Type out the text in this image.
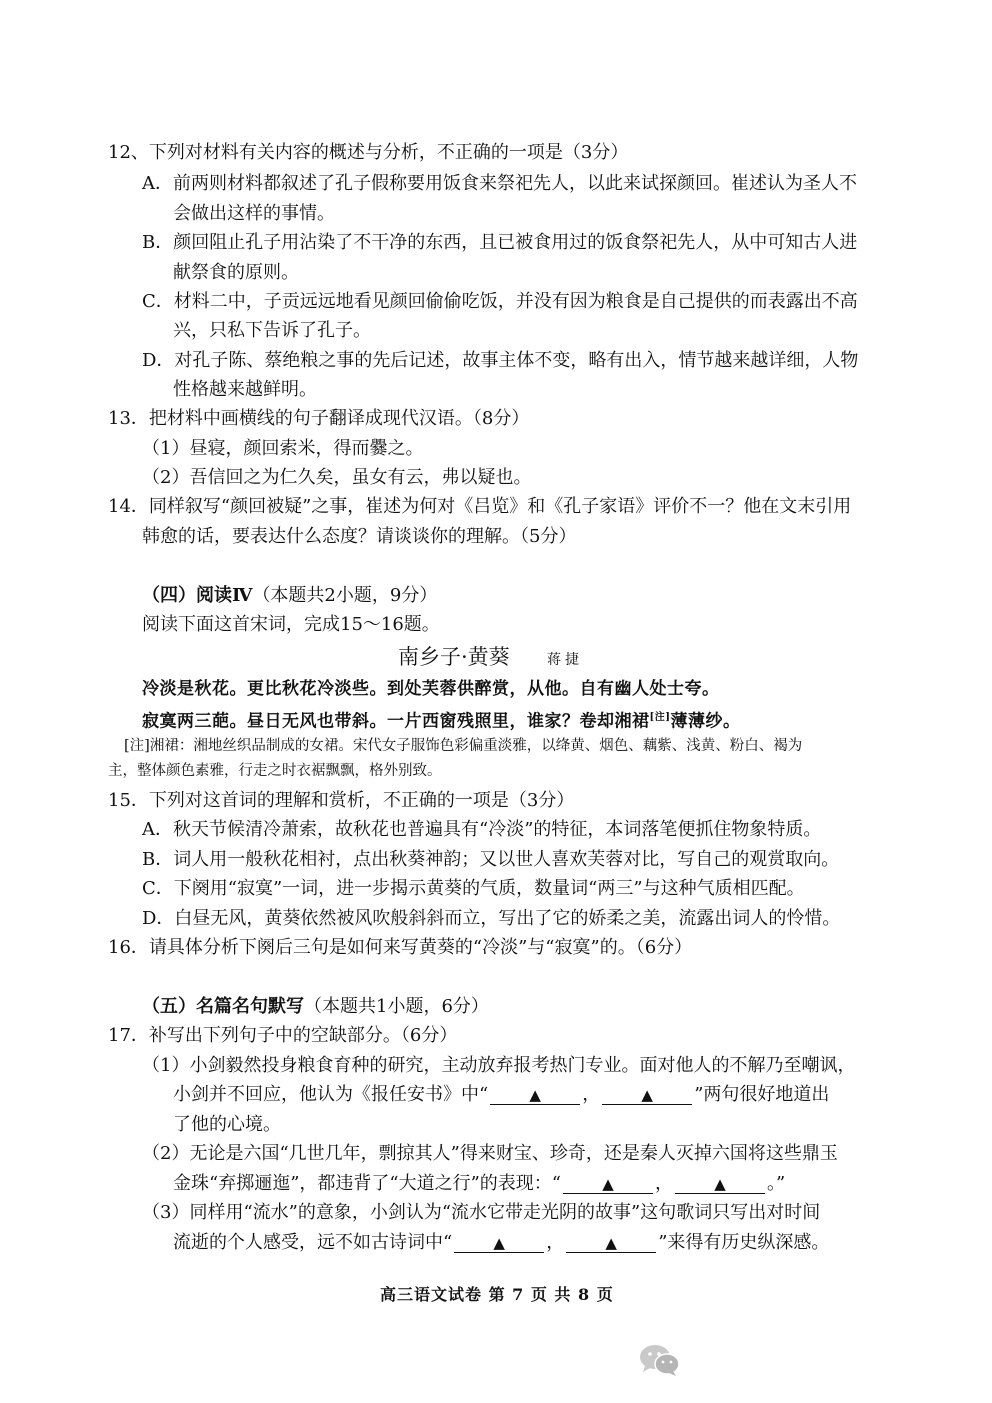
12、下列对材料有关内容的概述与分析，不正确的一项是（3分）
A．前两则材料都叙述了孔子假称要用饭食来祭祀先人，以此来试探颜回。崔述认为圣人不
会做出这样的事情。
B．颜回阻止孔子用沾染了不干净的东西，且已被食用过的饭食祭祀先人，从中可知古人进
献祭食的原则。
C．材料二中，子贡远远地看见颜回偷偷吃饭，并没有因为粮食是自己提供的而表露出不高
兴，只私下告诉了孔子。
D．对孔子陈、蔡绝粮之事的先后记述，故事主体不变，略有出入，情节越来越详细，人物
性格越来越鲜明。
13．把材料中画横线的句子翻译成现代汉语。（8分）
（1）昼寝，颜回索米，得而爨之。
（2）吾信回之为仁久矣，虽女有云，弗以疑也。
14．同样叙写“颜回被疑”之事，崔述为何对《吕览》和《孔子家语》评价不一？他在文末引用
韩愈的话，要表达什么态度？请谈谈你的理解。（5分）
（四）阅读Ⅳ（本题共2小题，9分）
阅读下面这首宋词，完成15～16题。
南乡子·黄葵	蒋捷
冷淡是秋花。更比秋花冷淡些。到处芙蓉供醉赏，从他。自有幽人处士夸。
寂寞两三葩。昼日无风也带斜。一片西窗残照里，谁家？卷却湘裙[注]薄薄纱。
[注]湘裙：湘地丝织品制成的女裙。宋代女子服饰色彩偏重淡雅，以绛黄、烟色、藕紫、浅黄、粉白、褐为
主，整体颜色素雅，行走之时衣裾飘飘，格外别致。
15．下列对这首词的理解和赏析，不正确的一项是（3分）
A．秋天节候清冷萧索，故秋花也普遍具有“冷淡”的特征，本词落笔便抓住物象特质。
B．词人用一般秋花相衬，点出秋葵神韵；又以世人喜欢芙蓉对比，写自己的观赏取向。
C．下阕用“寂寞”一词，进一步揭示黄葵的气质，数量词“两三”与这种气质相匹配。
D．白昼无风，黄葵依然被风吹般斜斜而立，写出了它的娇柔之美，流露出词人的怜惜。
16．请具体分析下阕后三句是如何来写黄葵的“冷淡”与“寂寞”的。（6分）
（五）名篇名句默写（本题共1小题，6分）
17．补写出下列句子中的空缺部分。（6分）
（1）小剑毅然投身粮食育种的研究，主动放弃报考热门专业。面对他人的不解乃至嘲讽，
小剑并不回应，他认为《报任安书》中“	▲ ，	▲ ”两句很好地道出
了他的心境。
（2）无论是六国“几世几年，剽掠其人”得来财宝、珍奇，还是秦人灭掉六国将这些鼎玉
金珠“弃掷逦迤”，都违背了“大道之行”的表现：“	▲ ，	▲ 。”
（3）同样用“流水”的意象，小剑认为“流水它带走光阴的故事”这句歌词只写出对时间
流逝的个人感受，远不如古诗词中“	▲ ，	▲ ”来得有历史纵深感。
高三语文试卷 第 7 页 共 8 页
